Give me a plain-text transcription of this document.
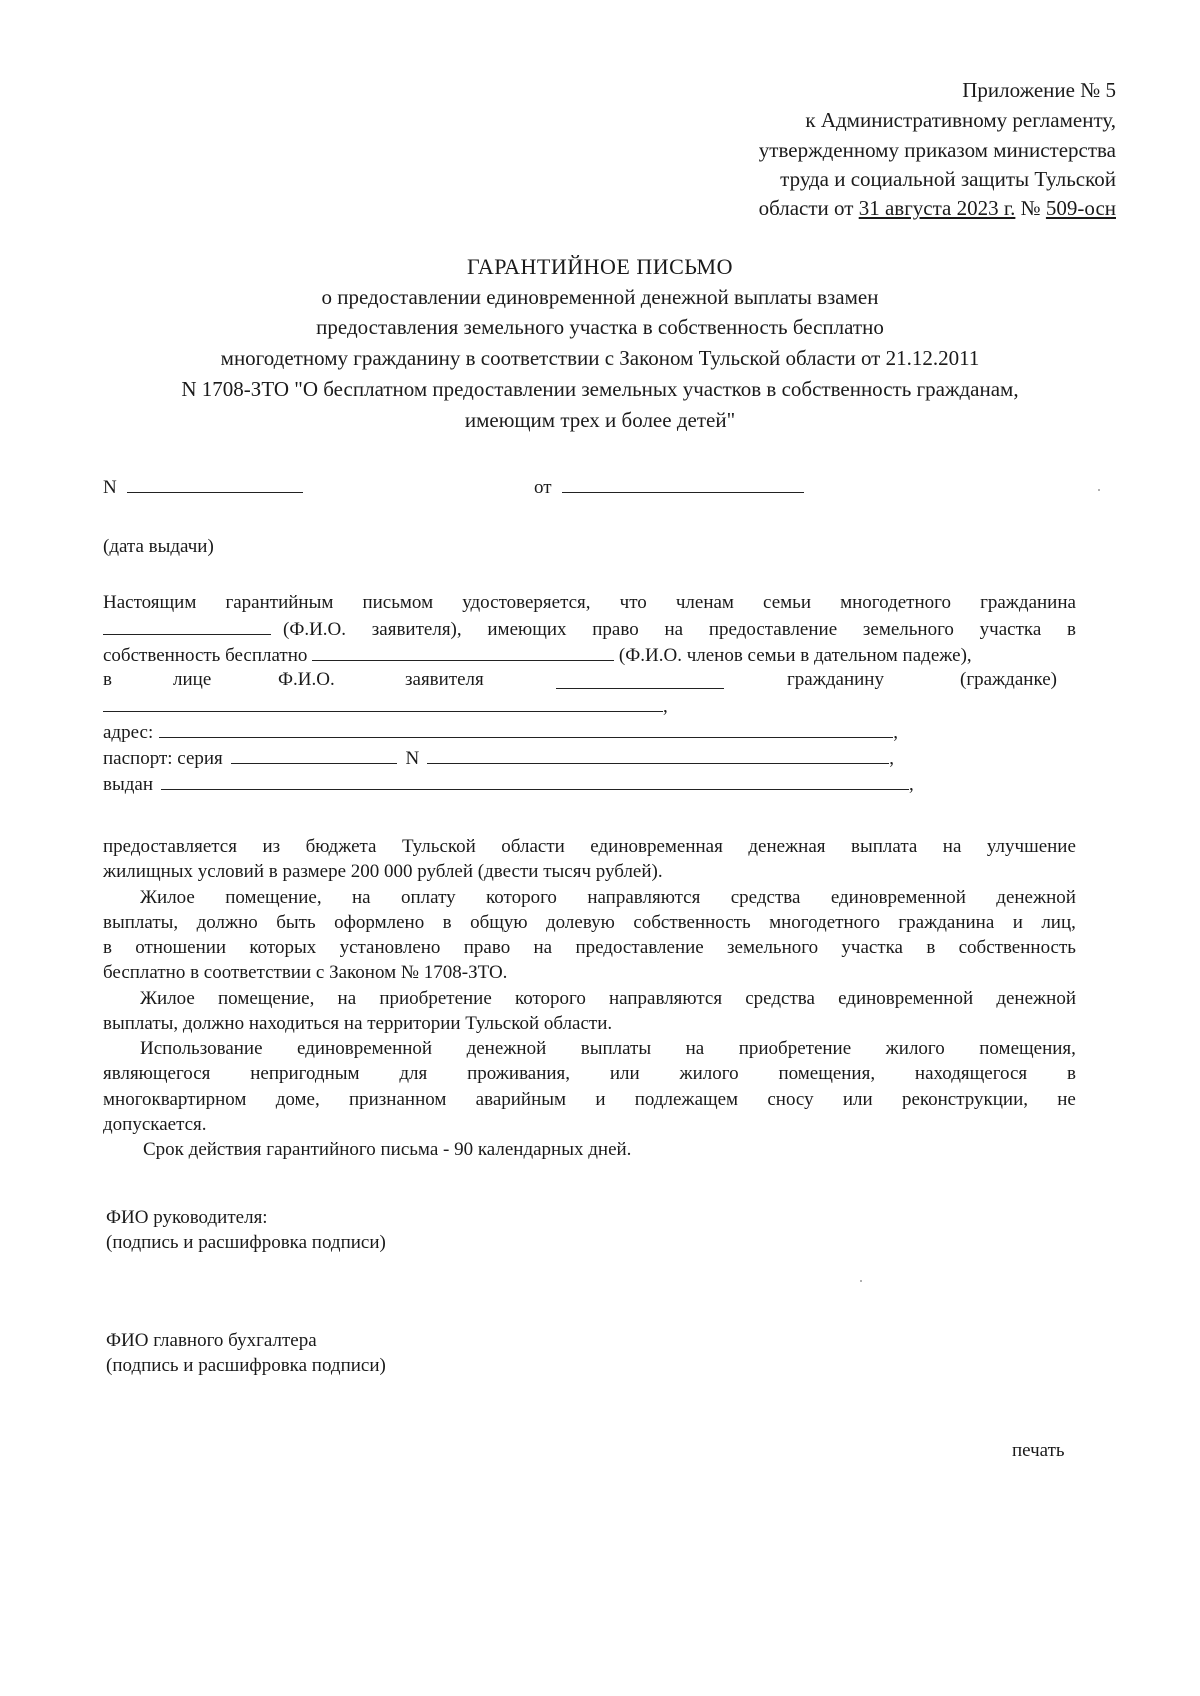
Приложение № 5
к Административному регламенту,
утвержденному приказом министерства
труда и социальной защиты Тульской
области от 31 августа 2023 г. № 509-осн
ГАРАНТИЙНОЕ ПИСЬМО
о предоставлении единовременной денежной выплаты взамен
предоставления земельного участка в собственность бесплатно
многодетному гражданину в соответствии с Законом Тульской области от 21.12.2011
N 1708-ЗТО "О бесплатном предоставлении земельных участков в собственность гражданам,
имеющим трех и более детей"
N	от
(дата выдачи)
Настоящим гарантийным письмом удостоверяется, что членам семьи многодетного гражданина
(Ф.И.О. заявителя), имеющих право на предоставление земельного участка в
собственность бесплатно	(Ф.И.О. членов семьи в дательном падеже),
в	лице	Ф.И.О.	заявителя	гражданину	(гражданке)
,
адрес:	,
паспорт: серия	N	,
выдан	,
предоставляется из бюджета Тульской области единовременная денежная выплата на улучшение
жилищных условий в размере 200 000 рублей (двести тысяч рублей).
Жилое помещение, на оплату которого направляются средства единовременной денежной
выплаты, должно быть оформлено в общую долевую собственность многодетного гражданина и лиц,
в отношении которых установлено право на предоставление земельного участка в собственность
бесплатно в соответствии с Законом № 1708-ЗТО.
Жилое помещение, на приобретение которого направляются средства единовременной денежной
выплаты, должно находиться на территории Тульской области.
Использование единовременной денежной выплаты на приобретение жилого помещения,
являющегося непригодным для проживания, или жилого помещения, находящегося в
многоквартирном доме, признанном аварийным и подлежащем сносу или реконструкции, не
допускается.
Срок действия гарантийного письма - 90 календарных дней.
ФИО руководителя:
(подпись и расшифровка подписи)
ФИО главного бухгалтера
(подпись и расшифровка подписи)
печать
